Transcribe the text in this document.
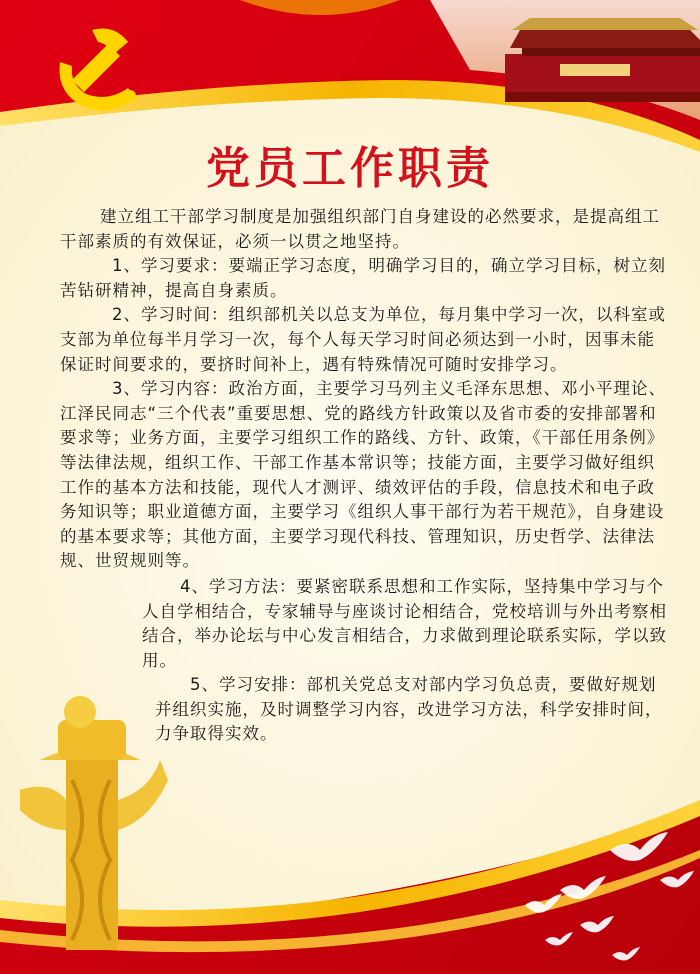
党员工作职责

建立组工干部学习制度是加强组织部门自身建设的必然要求，是提高组工干部素质的有效保证，必须一以贯之地坚持。

1、学习要求：要端正学习态度，明确学习目的，确立学习目标，树立刻苦钻研精神，提高自身素质。

2、学习时间：组织部机关以总支为单位，每月集中学习一次，以科室或支部为单位每半月学习一次，每个人每天学习时间必须达到一小时，因事未能保证时间要求的，要挤时间补上，遇有特殊情况可随时安排学习。

3、学习内容：政治方面，主要学习马列主义毛泽东思想、邓小平理论、江泽民同志“三个代表”重要思想、党的路线方针政策以及省市委的安排部署和要求等；业务方面，主要学习组织工作的路线、方针、政策，《干部任用条例》等法律法规，组织工作、干部工作基本常识等；技能方面，主要学习做好组织工作的基本方法和技能，现代人才测评、绩效评估的手段，信息技术和电子政务知识等；职业道德方面，主要学习《组织人事干部行为若干规范》，自身建设的基本要求等；其他方面，主要学习现代科技、管理知识，历史哲学、法律法规、世贸规则等。

4、学习方法：要紧密联系思想和工作实际，坚持集中学习与个人自学相结合，专家辅导与座谈讨论相结合，党校培训与外出考察相结合，举办论坛与中心发言相结合，力求做到理论联系实际，学以致用。

5、学习安排：部机关党总支对部内学习负总责，要做好规划并组织实施，及时调整学习内容，改进学习方法，科学安排时间，力争取得实效。
